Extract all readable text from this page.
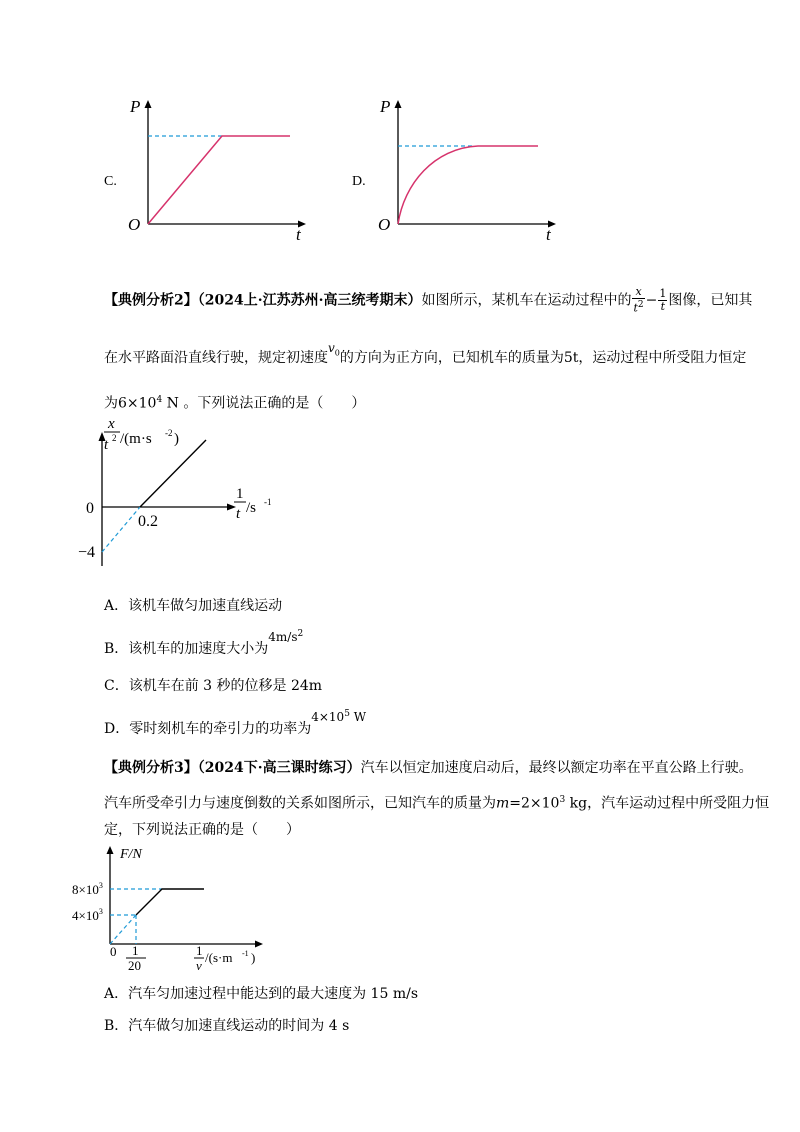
C.
P
t
O
D.
P
t
O
【典例分析2】（2024上·江苏苏州·高三统考期末）如图所示，某机车在运动过程中的 $\frac{x}{t^2} - \frac{1}{t}$ 图像，已知其
在水平路面沿直线行驶，规定初速度$v_0$的方向为正方向，已知机车的质量为5t，运动过程中所受阻力恒定
为$6\times 10^4$ N 。下列说法正确的是（　　）
x
t 2 /(m·s -2 )
1
t /s -1
0
0.2
−4
A．该机车做匀加速直线运动
B．该机车的加速度大小为$4m/s^2$
C．该机车在前 3 秒的位移是 24m
D．零时刻机车的牵引力的功率为$4\times 10^5$ W
【典例分析3】（2024下·高三课时练习）汽车以恒定加速度启动后，最终以额定功率在平直公路上行驶。
汽车所受牵引力与速度倒数的关系如图所示，已知汽车的质量为$m=2\times 10^3$ kg，汽车运动过程中所受阻力恒
定，下列说法正确的是（　　）
F/N
$8\times 10^3$
$4\times 10^3$
0 1
20
1
v
/(s·m -1 )
A．汽车匀加速过程中能达到的最大速度为 15 m/s
B．汽车做匀加速直线运动的时间为 4 s
